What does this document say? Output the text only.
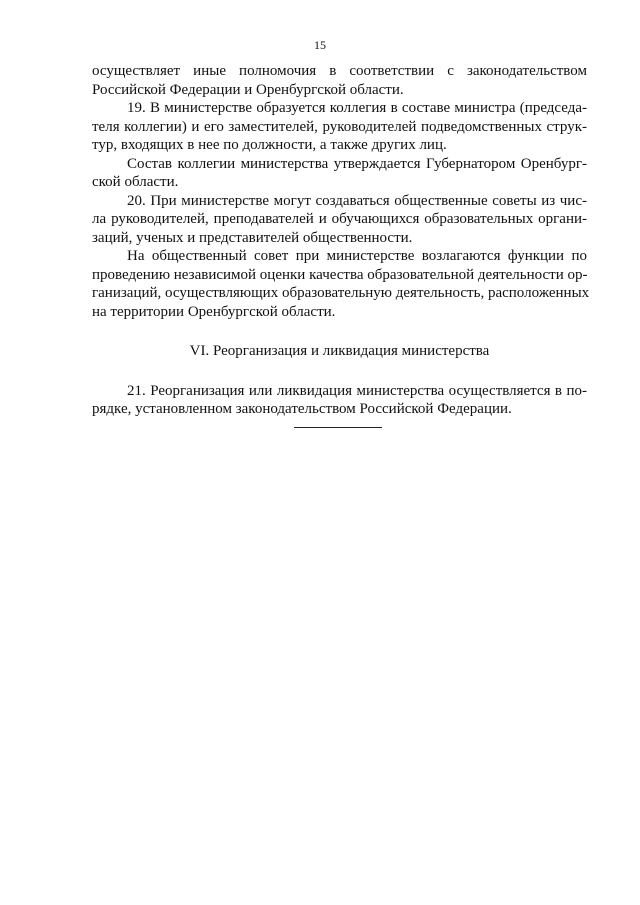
15
осуществляет иные полномочия в соответствии с законодательством
Российской Федерации и Оренбургской области.
19. В министерстве образуется коллегия в составе министра (председа-
теля коллегии) и его заместителей, руководителей подведомственных струк-
тур, входящих в нее по должности, а также других лиц.
Состав коллегии министерства утверждается Губернатором Оренбург-
ской области.
20. При министерстве могут создаваться общественные советы из чис-
ла руководителей, преподавателей и обучающихся образовательных органи-
заций, ученых и представителей общественности.
На общественный совет при министерстве возлагаются функции по
проведению независимой оценки качества образовательной деятельности ор-
ганизаций, осуществляющих образовательную деятельность, расположенных
на территории Оренбургской области.
VI. Реорганизация и ликвидация министерства
21. Реорганизация или ликвидация министерства осуществляется в по-
рядке, установленном законодательством Российской Федерации.
